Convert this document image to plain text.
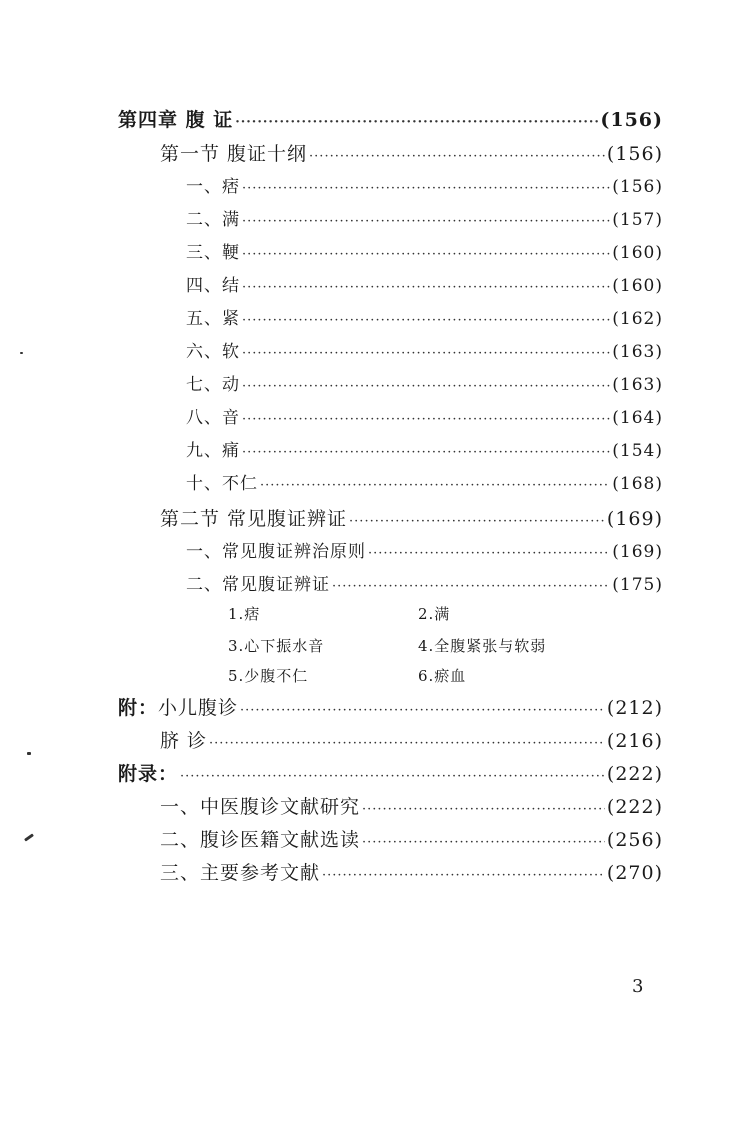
第四章 腹 证 ·····	(156)
第一节 腹证十纲 ·····	(156)
一、痞 ·····	(156)
二、满 ·····	(157)
三、鞕 ·····	(160)
四、结 ·····	(160)
五、紧 ·····	(162)
六、软 ·····	(163)
七、动 ·····	(163)
八、音 ·····	(164)
九、痛 ·····	(154)
十、不仁 ·····	(168)
第二节 常见腹证辨证 ·····	(169)
一、常见腹证辨治原则 ·····	(169)
二、常见腹证辨证 ·····	(175)
1.痞	2.满
3.心下振水音	4.全腹紧张与软弱
5.少腹不仁	6.瘀血
附： 小儿腹诊 ·····	(212)
脐 诊 ·····	(216)
附录： ·····	(222)
一、中医腹诊文献研究 ·····	(222)
二、腹诊医籍文献选读 ·····	(256)
三、主要参考文献 ·····	(270)
3
